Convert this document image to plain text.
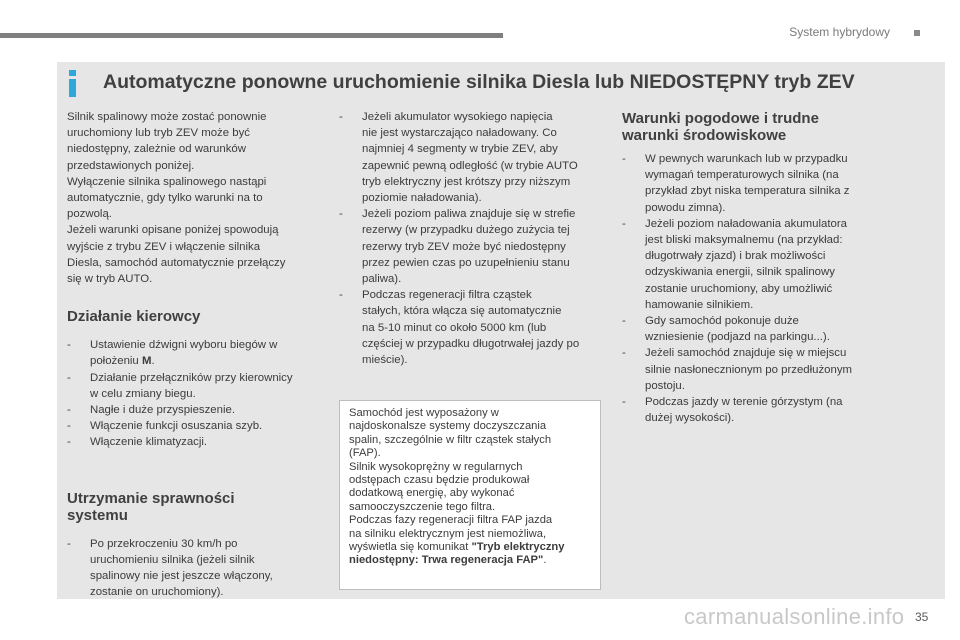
System hybrydowy
Automatyczne ponowne uruchomienie silnika Diesla lub NIEDOSTĘPNY tryb ZEV
Silnik spalinowy może zostać ponownie
uruchomiony lub tryb ZEV może być
niedostępny, zależnie od warunków
przedstawionych poniżej.
Wyłączenie silnika spalinowego nastąpi
automatycznie, gdy tylko warunki na to
pozwolą.
Jeżeli warunki opisane poniżej spowodują
wyjście z trybu ZEV i włączenie silnika
Diesla, samochód automatycznie przełączy
się w tryb AUTO.
Działanie kierowcy
- Ustawienie dźwigni wyboru biegów w
położeniu M.
- Działanie przełączników przy kierownicy
w celu zmiany biegu.
- Nagłe i duże przyspieszenie.
- Włączenie funkcji osuszania szyb.
- Włączenie klimatyzacji.
Utrzymanie sprawności
systemu
- Po przekroczeniu 30 km/h po
uruchomieniu silnika (jeżeli silnik
spalinowy nie jest jeszcze włączony,
zostanie on uruchomiony).
- Jeżeli akumulator wysokiego napięcia
nie jest wystarczająco naładowany. Co
najmniej 4 segmenty w trybie ZEV, aby
zapewnić pewną odległość (w trybie AUTO
tryb elektryczny jest krótszy przy niższym
poziomie naładowania).
- Jeżeli poziom paliwa znajduje się w strefie
rezerwy (w przypadku dużego zużycia tej
rezerwy tryb ZEV może być niedostępny
przez pewien czas po uzupełnieniu stanu
paliwa).
- Podczas regeneracji filtra cząstek
stałych, która włącza się automatycznie
na 5-10 minut co około 5000 km (lub
częściej w przypadku długotrwałej jazdy po
mieście).
Samochód jest wyposażony w
najdoskonalsze systemy doczyszczania
spalin, szczególnie w filtr cząstek stałych
(FAP).
Silnik wysokoprężny w regularnych
odstępach czasu będzie produkował
dodatkową energię, aby wykonać
samooczyszczenie tego filtra.
Podczas fazy regeneracji filtra FAP jazda
na silniku elektrycznym jest niemożliwa,
wyświetla się komunikat "Tryb elektryczny
niedostępny: Trwa regeneracja FAP".
Warunki pogodowe i trudne
warunki środowiskowe
- W pewnych warunkach lub w przypadku
wymagań temperaturowych silnika (na
przykład zbyt niska temperatura silnika z
powodu zimna).
- Jeżeli poziom naładowania akumulatora
jest bliski maksymalnemu (na przykład:
długotrwały zjazd) i brak możliwości
odzyskiwania energii, silnik spalinowy
zostanie uruchomiony, aby umożliwić
hamowanie silnikiem.
- Gdy samochód pokonuje duże
wzniesienie (podjazd na parkingu...).
- Jeżeli samochód znajduje się w miejscu
silnie nasłonecznionym po przedłużonym
postoju.
- Podczas jazdy w terenie górzystym (na
dużej wysokości).
carmanualsonline.info 35
